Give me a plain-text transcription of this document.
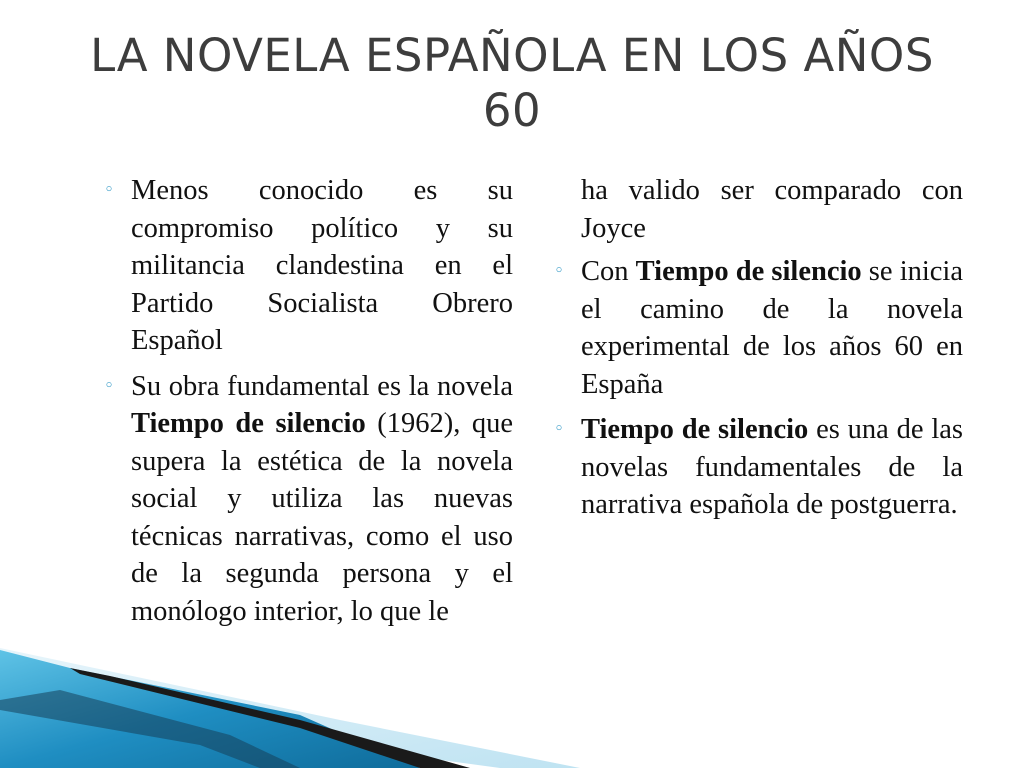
LA NOVELA ESPAÑOLA EN LOS AÑOS 60
◦ Menos conocido es su compromiso político y su militancia clandestina en el Partido Socialista Obrero Español
◦ Su obra fundamental es la novela Tiempo de silencio (1962), que supera la estética de la novela social y utiliza las nuevas técnicas narrativas, como el uso de la segunda persona y el monólogo interior, lo que le
ha valido ser comparado con Joyce
◦ Con Tiempo de silencio se inicia el camino de la novela experimental de los años 60 en España
◦ Tiempo de silencio es una de las novelas fundamentales de la narrativa española de postguerra.
